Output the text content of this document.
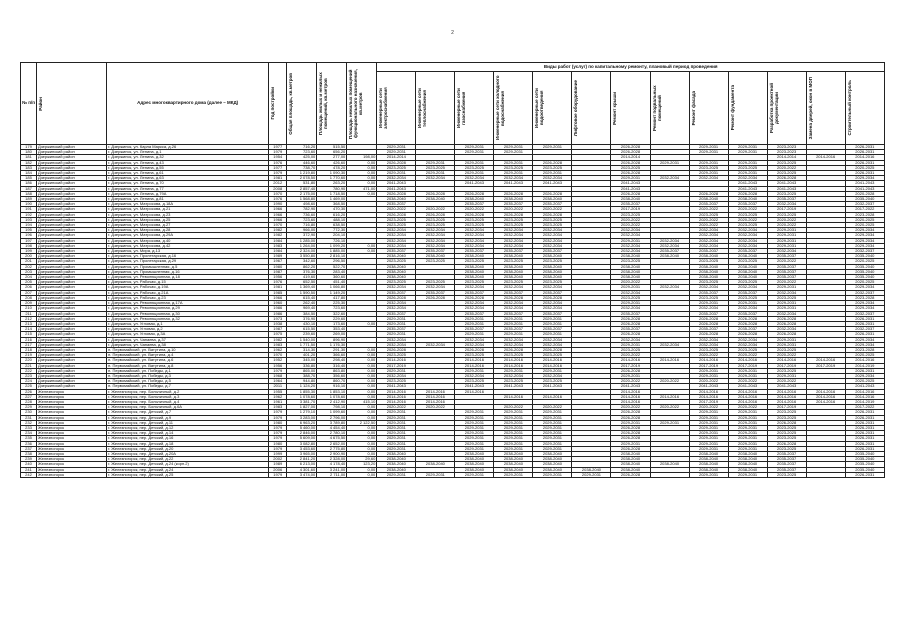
2
№ п/п	Район	Адрес многоквартирного дома (далее – МКД)	Год постройки	Общая площадь, кв.метров	Площадь жилых и нежилых помещений, кв.метров	Площадь нежилых помещений функционального назначения, кв.метров	Виды работ (услуг) по капитальному ремонту, плановый период проведения												

							Инженерные сети электроснабжения	Инженерные сети теплоснабжения	Инженерные сети газоснабжения	Инженерные сети холодного водоснабжения	Инженерные сети водоотведения	Лифтовое оборудование	Ремонт крыши	Ремонт подвальных помещений	Ремонт фасада	Ремонт фундамента	Разработка проектной документации	Замена дверей, окон в МОП	Строительный контроль

179	Дзержинский район	г. Дзержинск, ул. Карла Маркса, д.26	1977	716,20	515,50		2029-2031		2029-2031	2029-2031	2029-2031		2026-2028		2029-2031	2029-2031	2023-2023		2026-2031
180	Дзержинский район	г. Дзержинск, ул. Ленина, д.1	1979	723,60	656,20		2029-2031		2029-2031	2029-2031			2026-2028		2029-2031	2029-2031	2023-2023		2026-2031
181	Дзержинский район	г. Дзержинск, ул. Ленина, д.32	1954	425,00	277,00	198,00	2014-2014						2014-2014				2014-2014	2014-2016	2014-2016
182	Дзержинский район	г. Дзержинск, ул. Ленина, д.43	1976	446,60	426,60	0,00	2026-2028	2029-2031	2029-2031	2029-2031	2026-2028		2026-2028	2029-2031	2029-2031	2029-2031	2023-2025		2026-2031
183	Дзержинский район	г. Дзержинск, ул. Ленина, д.55	1977	738,70	478,20	0,00	2023-2025	2023-2025	2023-2025	2023-2025	2023-2025		2023-2025		2023-2025	2023-2025	2020-2022		2020-2025
184	Дзержинский район	г. Дзержинск, ул. Ленина, д.61	1979	1 219,80	1 090,30	0,00	2029-2031	2029-2031	2029-2031	2029-2031	2029-2031		2026-2028		2029-2031	2029-2031	2023-2025		2026-2031
185	Дзержинский район	г. Дзержинск, ул. Ленина, д.63	1981	2 078,50	1 770,60	0,00	2032-2034	2032-2034	2032-2034	2032-2034	2032-2034		2029-2031	2032-2034	2032-2034	2032-2034	2026-2028		2029-2034
186	Дзержинский район	г. Дзержинск, ул. Ленина, д.70	2012	531,80	263,20	0,00	2041-2043		2041-2043	2041-2043	2041-2043		2041-2043			2041-2043	2041-2043		2041-2043
187	Дзержинский район	г. Дзержинск, ул. Ленина, д.77	2008	2 857,40	780,90	471,00	2041-2043						2041-2043			2041-2043	2041-2043		2041-2043
188	Дзержинский район	г. Дзержинск, ул. Ленина, д.79А	1970	2 175,00	1 718,50	0,00	2026-2028	2026-2028	2026-2028	2026-2028	2026-2028		2026-2028		2026-2028	2026-2028	2023-2025		2020-2028
189	Дзержинский район	г. Дзержинск, ул. Ленина, д.81	1976	1 568,80	1 469,00		2038-2040	2038-2040	2038-2040	2038-2040	2038-2040		2038-2040		2038-2040	2038-2040	2035-2037		2035-2040
190	Дзержинский район	г. Дзержинск, ул. Матросова, д.18А	1990	498,60	368,50		2035-2037		2035-2037	2035-2037	2035-2037		2035-2037		2035-2037	2035-2037	2032-2034		2032-2037
191	Дзержинский район	г. Дзержинск, ул. Матросова, д.21	1966	782,90	470,30		2020-2022	2020-2022	2020-2022	2020-2022	2020-2022		2017-2019		2020-2022	2020-2022	2017-2019		2017-2022
192	Дзержинский район	г. Дзержинск, ул. Матросова, д.23	1966	736,60	616,20		2026-2028	2026-2028	2026-2028	2026-2028	2026-2028		2023-2025		2023-2025	2023-2025	2023-2025		2023-2028
193	Дзержинский район	г. Дзержинск, ул. Матросова, д.25	1966	723,60	488,10		2023-2025	2023-2025	2023-2025	2023-2025	2023-2025		2020-2022		2020-2022	2020-2022	2020-2022		2020-2025
194	Дзержинский район	г. Дзержинск, ул. Матросова, д.27	1970	716,80	638,50		2023-2025	2023-2025	2023-2025	2023-2025	2023-2025		2020-2022		2020-2022	2023-2025	2020-2022		2020-2025
195	Дзержинский район	г. Дзержинск, ул. Матросова, д.28	1982	966,00	772,30		2032-2034	2032-2034	2032-2034	2032-2034	2032-2034		2032-2034		2032-2034	2032-2034	2029-2031		2029-2034
196	Дзержинский район	г. Дзержинск, ул. Матросова, д.29А	1982	372,90	204,10		2032-2034	2032-2034	2032-2034	2032-2034	2032-2034		2032-2034		2032-2034	2032-2034	2029-2031		2029-2034
197	Дзержинский район	г. Дзержинск, ул. Матросова, д.40	1984	1 285,00	726,10		2032-2034	2032-2034	2032-2034	2032-2034	2032-2034		2029-2031	2032-2034	2032-2034	2032-2034	2029-2031		2029-2034
198	Дзержинский район	г. Дзержинск, ул. Матросова, д.42	1983	1 264,00	1 099,20	0,00	2032-2034	2032-2034	2032-2034	2032-2034	2032-2034		2032-2034	2032-2034	2032-2034	2032-2034	2029-2031		2029-2034
199	Дзержинский район	г. Дзержинск, ул. Мира, д.13	1984	2 324,00	1 885,00	0,00	2035-2037	2035-2037	2035-2037	2035-2037	2035-2037		2032-2034	2035-2037	2035-2037	2035-2037	2032-2034		2032-2037
200	Дзержинский район	г. Дзержинск, ул. Пролетарская, д.16	1989	3 550,80	2 816,10		2038-2040	2038-2040	2038-2040	2038-2040	2038-2040		2038-2040	2038-2040	2038-2040	2038-2040	2035-2037		2035-2040
201	Дзержинский район	г. Дзержинск, ул. Пролетарская, д.29	1967	342,60	296,50		2023-2025	2023-2025	2023-2025	2023-2025	2023-2025		2023-2025		2023-2025	2023-2025	2020-2022		2020-2025
202	Дзержинский район	г. Дзержинск, ул. Промышленная, д.5	1980	862,20	522,70		2038-2040		2038-2040	2038-2040	2038-2040		2038-2040		2038-2040	2038-2040	2035-2037		2035-2040
203	Дзержинский район	г. Дзержинск, ул. Промышленная, д.16	1987	376,30	283,40		2038-2040		2038-2040	2038-2040	2038-2040		2038-2040		2038-2040	2038-2040	2035-2037		2035-2040
204	Дзержинский район	г. Дзержинск, ул. Революционная, д.18	1956	419,60	360,60		2038-2040		2038-2040	2038-2040	2038-2040		2038-2040		2038-2040	2038-2040	2035-2037		2035-2040
205	Дзержинский район	г. Дзержинск, ул. Рабочая, д.15	1976	652,50	451,40		2023-2025	2023-2025	2023-2025	2023-2025	2023-2025		2020-2022		2023-2025	2023-2025	2020-2022		2020-2025
206	Дзержинский район	г. Дзержинск, ул. Рабочая, д.19А	1981	1 369,40	1 066,80		2032-2034	2032-2034	2032-2034	2032-2034	2032-2034		2029-2031	2032-2034	2032-2034	2032-2034	2029-2031		2029-2034
207	Дзержинский район	г. Дзержинск, ул. Рабочая, д.21А	1985	1 590,50	1 149,20		2035-2037	2035-2037	2035-2037	2035-2037	2035-2037		2032-2034		2035-2037	2035-2037	2032-2034		2032-2037
208	Дзержинский район	г. Дзержинск, ул. Рабочая, д.23	1966	615,40	417,80		2026-2028	2026-2028	2026-2028	2026-2028	2026-2028		2023-2025		2023-2025	2023-2025	2023-2025		2023-2028
209	Дзержинский район	г. Дзержинск, ул. Революционная, д.17А	1960	262,40	225,30		2032-2034		2032-2034	2032-2034	2032-2034		2029-2031		2029-2031	2029-2031	2029-2031		2029-2034
210	Дзержинский район	г. Дзержинск, ул. Революционная, д.29	1986	969,40	723,60		2032-2034		2032-2034	2032-2034	2032-2034		2032-2034		2032-2034	2032-2034	2029-2031		2029-2034
211	Дзержинский район	г. Дзержинск, ул. Революционная, д.30	1986	384,50	322,60		2035-2037		2035-2037	2035-2037	2035-2037		2035-2037		2035-2037	2035-2037	2032-2034		2032-2037
212	Дзержинский район	г. Дзержинск, ул. Революционная, д.32	1973	376,90	229,60		2029-2031		2029-2031	2029-2031	2029-2031		2026-2028		2026-2028	2026-2028	2026-2028		2026-2031
213	Дзержинский район	г. Дзержинск, ул. Угловая, д.1	1938	430,10	173,60	0,00	2029-2031		2029-2031	2029-2031	2029-2031		2026-2028		2026-2028	2026-2028	2026-2028		2026-2031
214	Дзержинский район	г. Дзержинск, ул. Угловая, д.2	1987	615,50	353,40		2035-2037		2035-2037	2035-2037	2035-2037		2035-2037		2035-2037	2035-2037	2032-2034		2032-2037
215	Дзержинский район	г. Дзержинск, ул. Угловая, д.3А	1975	239,60	269,00		2029-2031		2029-2031	2029-2031	2029-2031		2026-2028		2026-2028	2026-2028	2026-2028		2026-2031
216	Дзержинский район	г. Дзержинск, ул. Чапаева, д.37	1982	1 540,00	896,90		2032-2034		2032-2034	2032-2034	2032-2034		2032-2034		2032-2034	2032-2034	2029-2031		2029-2034
217	Дзержинский район	г. Дзержинск, ул. Чапаева, д.38	1983	1 771,50	1 176,30		2032-2034	2032-2034	2032-2034	2032-2034	2032-2034		2029-2031	2032-2034	2032-2034	2032-2034	2029-2031		2029-2034
218	Дзержинский район	п. Первомайский, ул. Ватутина, д.10	1962	314,30	291,30	0,00	2026-2028		2026-2028	2026-2028	2026-2028		2023-2025		2023-2025	2023-2025	2023-2025		2023-2028
219	Дзержинский район	п. Первомайский, ул. Ватутина, д.4	1970	401,20	366,60	0,00	2023-2025		2023-2025	2023-2025	2023-2025		2020-2022		2020-2022	2020-2022	2020-2022		2020-2025
220	Дзержинский район	п. Первомайский, ул. Ватутина, д.6	1952	345,00	298,40	0,00	2014-2016		2014-2016	2014-2016	2014-2016		2014-2016	2014-2016	2014-2016	2014-2016	2014-2016	2014-2016	2014-2016
221	Дзержинский район	п. Первомайский, ул. Ватутина, д.8	1956	336,80	316,40	0,00	2017-2019		2014-2016	2014-2016	2014-2016		2017-2019		2017-2019	2017-2019	2017-2019	2017-2019	2014-2019
222	Дзержинский район	п. Первомайский, ул. Победы, д.1	1979	865,00	863,80	0,00	2029-2031		2029-2031	2029-2031	2029-2031		2026-2028		2029-2031	2029-2031	2023-2025		2026-2031
223	Дзержинский район	п. Первомайский, ул. Победы, д.3	1968	388,70	356,60	0,00	2032-2034		2032-2034	2032-2034	2032-2034		2029-2031		2029-2031	2029-2031	2029-2031		2029-2034
224	Дзержинский район	п. Первомайский, ул. Победы, д.5	1964	944,80	860,70	0,00	2023-2025		2023-2025	2023-2025	2023-2025		2020-2022	2020-2022	2020-2022	2020-2022	2020-2022		2020-2025
225	Дзержинский район	п. Первомайский, ул. Победы, д.7	2011	1 124,20	916,10	0,00	2041-2043		2041-2043	2041-2043	2041-2043		2041-2043		2041-2043	2041-2043	2041-2043		2041-2043
226	Железногорск	г. Железногорск, пер. Больничный, д.2	1955	1 855,30	1 853,10	0,00	2014-2016	2014-2016	2014-2016				2014-2016		2014-2016	2014-2016	2014-2016	2014-2016	2014-2016
227	Железногорск	г. Железногорск, пер. Больничный, д.3	1962	1 078,60	1 078,60	0,00	2014-2016	2014-2016		2014-2016	2014-2016		2014-2016	2014-2016	2014-2016	2014-2016	2014-2016	2014-2016	2014-2016
228	Железногорск	г. Железногорск, пер. Больничный, д.4	1961	3 381,70	2 412,90	415,10	2014-2016	2014-2016					2014-2016		2017-2019	2014-2016	2014-2016	2014-2016	2014-2019
229	Железногорск	г. Железногорск, пер. Больничный, д.6А	1983	1 827,00	798,10	0,00	2020-2022	2020-2022		2020-2022	2020-2022		2020-2022	2020-2022	2020-2022	2020-2022	2017-2019		2017-2022
230	Железногорск	г. Железногорск, пер. Детский, д.7	1979	1 279,10	1 099,60	0,00	2029-2031		2029-2031	2029-2031	2029-2031		2026-2028		2029-2031	2029-2031	2023-2025		2026-2031
231	Железногорск	г. Железногорск, пер. Детский, д.9	1979	3 283,00	2 796,00	0,00	2029-2031		2029-2031	2029-2031	2029-2031		2026-2028		2029-2031	2029-2031	2023-2025		2026-2031
232	Железногорск	г. Железногорск, пер. Детский, д.11	1980	6 963,20	3 789,80	2 122,50	2029-2031		2029-2031	2029-2031	2029-2031		2029-2031	2029-2031	2029-2031	2029-2031	2026-2028		2026-2031
233	Железногорск	г. Железногорск, пер. Детский, д.12	1979	5 460,00	4 454,40	0,00	2029-2031		2029-2031	2029-2031	2029-2031		2026-2028		2029-2031	2029-2031	2023-2025		2026-2031
234	Железногорск	г. Железногорск, пер. Детский, д.14	1979	2 846,00	2 780,10	0,00	2029-2031		2029-2031	2029-2031	2029-2031		2026-2028		2029-2031	2029-2031	2023-2025		2026-2031
235	Железногорск	г. Железногорск, пер. Детский, д.16	1979	5 609,00	4 675,50	0,00	2029-2031		2029-2031	2029-2031	2029-2031		2026-2028		2029-2031	2029-2031	2023-2025		2026-2031
236	Железногорск	г. Железногорск, пер. Детский, д.18	1980	3 082,80	2 652,00	0,00	2029-2031		2029-2031	2029-2031	2029-2031		2029-2031		2029-2031	2029-2031	2026-2028		2026-2031
237	Железногорск	г. Железногорск, пер. Детский, д.20	1979	3 453,60	2 775,80	0,00	2029-2031		2029-2031	2029-2031	2029-2031		2026-2028		2029-2031	2029-2031	2023-2025		2026-2031
238	Железногорск	г. Железногорск, пер. Детский, д.20А	1999	3 965,00	2 900,90	0,00	2038-2040		2038-2040	2038-2040	2038-2040		2038-2040		2038-2040	2038-2040	2035-2037		2035-2040
239	Железногорск	г. Железногорск, пер. Детский, д.22	2002	2 841,20	2 328,00	29,60	2038-2040		2038-2040	2038-2040	2038-2040		2038-2040		2038-2040	2038-2040	2035-2037		2035-2040
240	Железногорск	г. Железногорск, пер. Детский, д.24 (корп.2)	1989	6 213,00	4 178,40	123,20	2038-2040	2038-2040	2038-2040	2038-2040	2038-2040		2038-2040	2038-2040	2038-2040	2038-2040	2035-2037		2035-2040
241	Железногорск	г. Железногорск, пер. Детский, д.24	2006	4 301,60	3 241,00	0,00	2038-2040		2038-2040	2038-2040	2038-2040	2038-2040	2038-2040		2038-2040	2038-2040	2035-2037		2035-2040
242	Железногорск	г. Железногорск, пер. Детский, д.25	1979	3 474,00	2 711,00	0,00	2029-2031	2029-2031	2029-2031	2029-2031	2029-2031	2029-2031	2026-2028		2029-2031	2029-2031	2023-2025		2026-2031
